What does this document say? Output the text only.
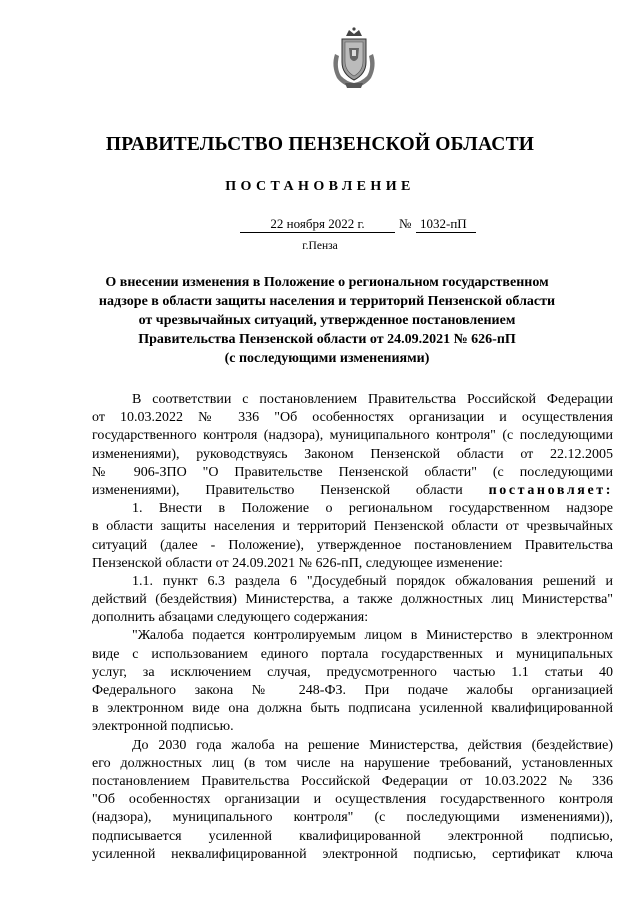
ПРАВИТЕЛЬСТВО ПЕНЗЕНСКОЙ ОБЛАСТИ
ПОСТАНОВЛЕНИЕ
22 ноября 2022 г.	№ 1032-пП
г.Пенза
О внесении изменения в Положение о региональном государственном
надзоре в области защиты населения и территорий Пензенской области
от чрезвычайных ситуаций, утвержденное постановлением
Правительства Пензенской области от 24.09.2021 № 626-пП
(с последующими изменениями)
В соответствии с постановлением Правительства Российской Федерации
от 10.03.2022 № 336 "Об особенностях организации и осуществления
государственного контроля (надзора), муниципального контроля" (с последующими
изменениями), руководствуясь Законом Пензенской области от 22.12.2005
№ 906-ЗПО "О Правительстве Пензенской области" (с последующими
изменениями), Правительство Пензенской области постановляет:
1. Внести в Положение о региональном государственном надзоре
в области защиты населения и территорий Пензенской области от чрезвычайных
ситуаций (далее - Положение), утвержденное постановлением Правительства
Пензенской области от 24.09.2021 № 626-пП, следующее изменение:
1.1. пункт 6.3 раздела 6 "Досудебный порядок обжалования решений и
действий (бездействия) Министерства, а также должностных лиц Министерства"
дополнить абзацами следующего содержания:
"Жалоба подается контролируемым лицом в Министерство в электронном
виде с использованием единого портала государственных и муниципальных
услуг, за исключением случая, предусмотренного частью 1.1 статьи 40
Федерального закона № 248-ФЗ. При подаче жалобы организацией
в электронном виде она должна быть подписана усиленной квалифицированной
электронной подписью.
До 2030 года жалоба на решение Министерства, действия (бездействие)
его должностных лиц (в том числе на нарушение требований, установленных
постановлением Правительства Российской Федерации от 10.03.2022 № 336
"Об особенностях организации и осуществления государственного контроля
(надзора), муниципального контроля" (с последующими изменениями)),
подписывается усиленной квалифицированной электронной подписью,
усиленной неквалифицированной электронной подписью, сертификат ключа
